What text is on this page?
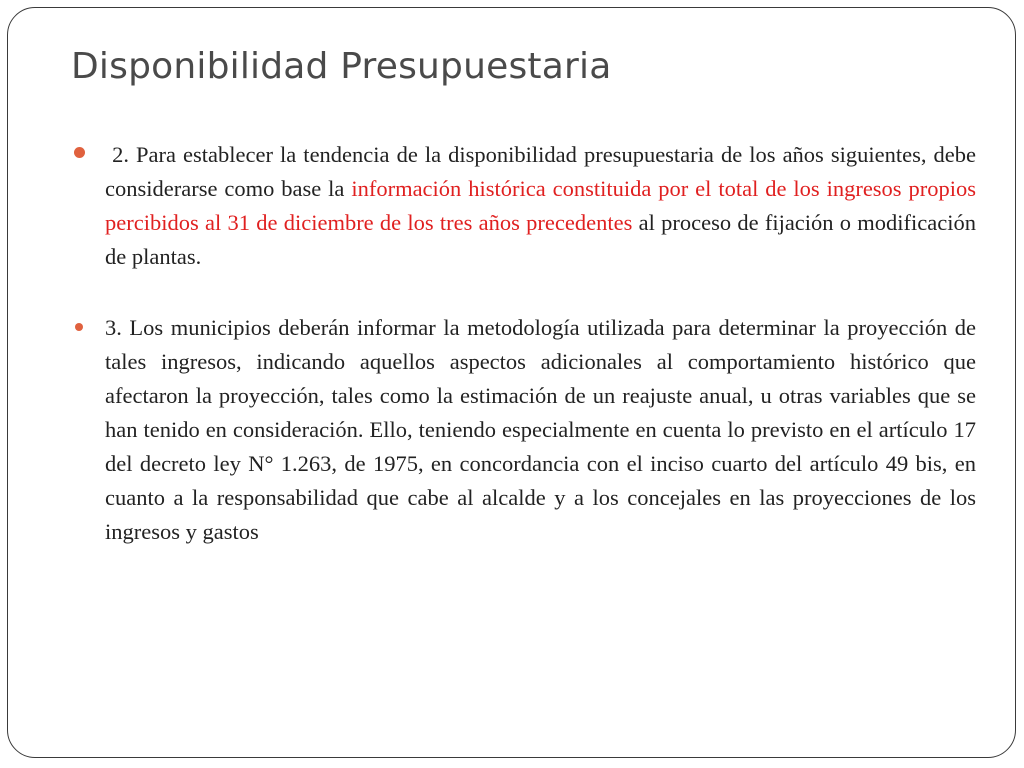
Disponibilidad Presupuestaria
2. Para establecer la tendencia de la disponibilidad presupuestaria de los años siguientes, debe considerarse como base la información histórica constituida por el total de los ingresos propios percibidos al 31 de diciembre de los tres años precedentes al proceso de fijación o modificación de plantas.
3. Los municipios deberán informar la metodología utilizada para determinar la proyección de tales ingresos, indicando aquellos aspectos adicionales al comportamiento histórico que afectaron la proyección, tales como la estimación de un reajuste anual, u otras variables que se han tenido en consideración. Ello, teniendo especialmente en cuenta lo previsto en el artículo 17 del decreto ley N° 1.263, de 1975, en concordancia con el inciso cuarto del artículo 49 bis, en cuanto a la responsabilidad que cabe al alcalde y a los concejales en las proyecciones de los ingresos y gastos
